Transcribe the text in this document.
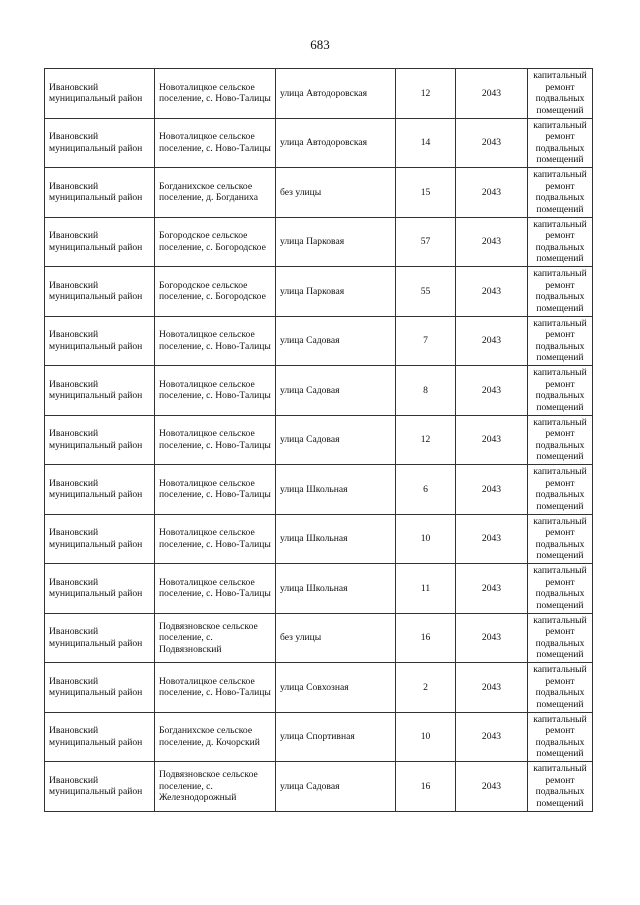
683
Ивановский муниципальный район	Новоталицкое сельское поселение, с. Ново-Талицы	улица Автодоровская	12	2043	капитальный ремонт подвальных помещений
Ивановский муниципальный район	Новоталицкое сельское поселение, с. Ново-Талицы	улица Автодоровская	14	2043	капитальный ремонт подвальных помещений
Ивановский муниципальный район	Богданихское сельское поселение, д. Богданиха	без улицы	15	2043	капитальный ремонт подвальных помещений
Ивановский муниципальный район	Богородское сельское поселение, с. Богородское	улица Парковая	57	2043	капитальный ремонт подвальных помещений
Ивановский муниципальный район	Богородское сельское поселение, с. Богородское	улица Парковая	55	2043	капитальный ремонт подвальных помещений
Ивановский муниципальный район	Новоталицкое сельское поселение, с. Ново-Талицы	улица Садовая	7	2043	капитальный ремонт подвальных помещений
Ивановский муниципальный район	Новоталицкое сельское поселение, с. Ново-Талицы	улица Садовая	8	2043	капитальный ремонт подвальных помещений
Ивановский муниципальный район	Новоталицкое сельское поселение, с. Ново-Талицы	улица Садовая	12	2043	капитальный ремонт подвальных помещений
Ивановский муниципальный район	Новоталицкое сельское поселение, с. Ново-Талицы	улица Школьная	6	2043	капитальный ремонт подвальных помещений
Ивановский муниципальный район	Новоталицкое сельское поселение, с. Ново-Талицы	улица Школьная	10	2043	капитальный ремонт подвальных помещений
Ивановский муниципальный район	Новоталицкое сельское поселение, с. Ново-Талицы	улица Школьная	11	2043	капитальный ремонт подвальных помещений
Ивановский муниципальный район	Подвязновское сельское поселение, с. Подвязновский	без улицы	16	2043	капитальный ремонт подвальных помещений
Ивановский муниципальный район	Новоталицкое сельское поселение, с. Ново-Талицы	улица Совхозная	2	2043	капитальный ремонт подвальных помещений
Ивановский муниципальный район	Богданихское сельское поселение, д. Кочорский	улица Спортивная	10	2043	капитальный ремонт подвальных помещений
Ивановский муниципальный район	Подвязновское сельское поселение, с. Железнодорожный	улица Садовая	16	2043	капитальный ремонт подвальных помещений
